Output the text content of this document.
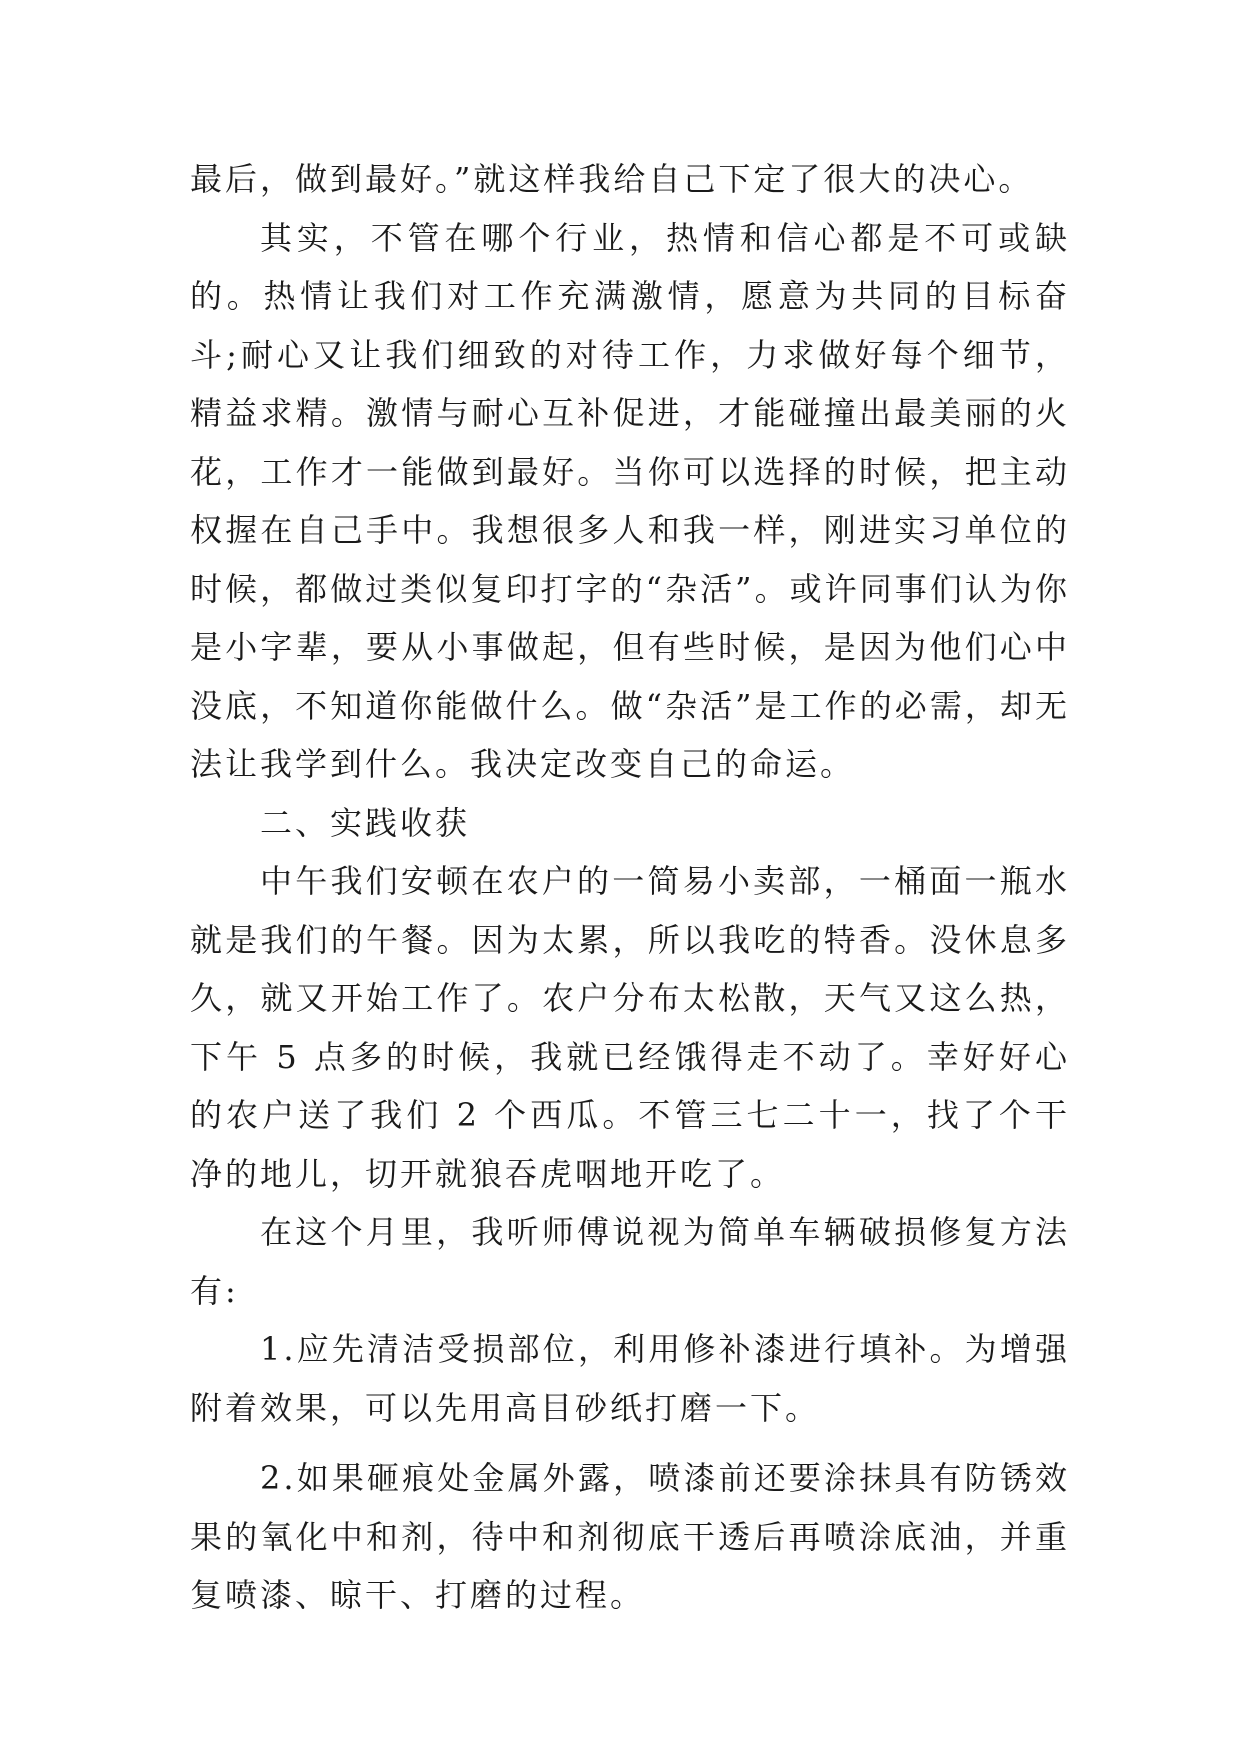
最后，做到最好。”就这样我给自己下定了很大的决心。

其实，不管在哪个行业，热情和信心都是不可或缺的。热情让我们对工作充满激情，愿意为共同的目标奋斗;耐心又让我们细致的对待工作，力求做好每个细节，精益求精。激情与耐心互补促进，才能碰撞出最美丽的火花，工作才一能做到最好。当你可以选择的时候，把主动权握在自己手中。我想很多人和我一样，刚进实习单位的时候，都做过类似复印打字的“杂活”。或许同事们认为你是小字辈，要从小事做起，但有些时候，是因为他们心中没底，不知道你能做什么。做“杂活”是工作的必需，却无法让我学到什么。我决定改变自己的命运。

二、实践收获

中午我们安顿在农户的一简易小卖部，一桶面一瓶水就是我们的午餐。因为太累，所以我吃的特香。没休息多久，就又开始工作了。农户分布太松散，天气又这么热，下午 5 点多的时候，我就已经饿得走不动了。幸好好心的农户送了我们 2 个西瓜。不管三七二十一，找了个干净的地儿，切开就狼吞虎咽地开吃了。

在这个月里，我听师傅说视为简单车辆破损修复方法有:

1.应先清洁受损部位，利用修补漆进行填补。为增强附着效果，可以先用高目砂纸打磨一下。

2.如果砸痕处金属外露，喷漆前还要涂抹具有防锈效果的氧化中和剂，待中和剂彻底干透后再喷涂底油，并重复喷漆、晾干、打磨的过程。
